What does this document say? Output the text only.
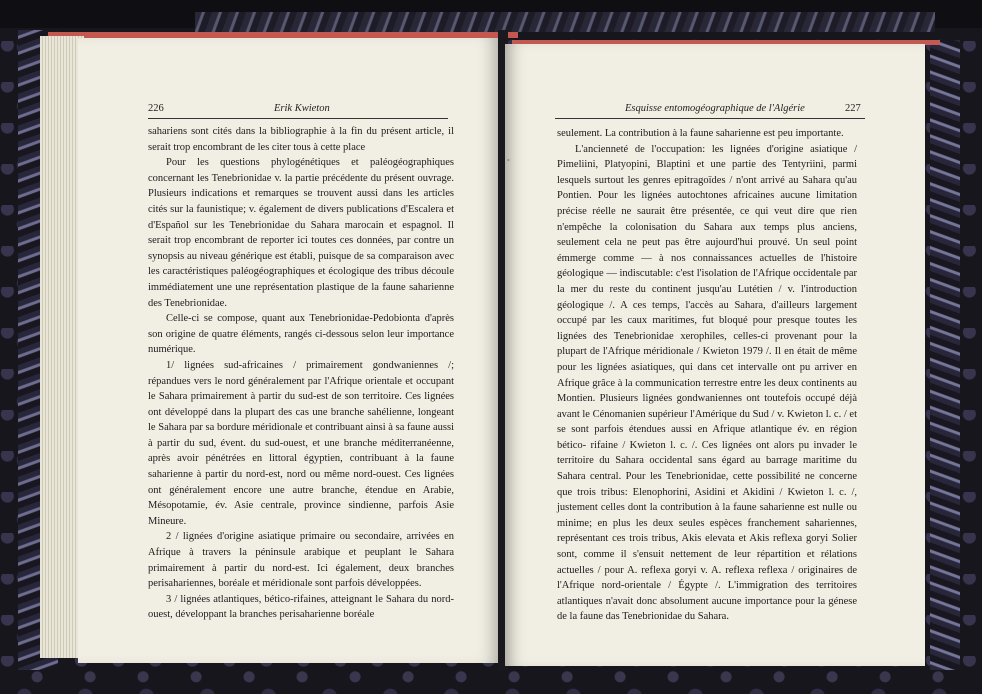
226	Erik Kwieton

sahariens sont cités dans la bibliographie à la fin du présent article, il serait trop encombrant de les citer tous à cette place

Pour les questions phylogénétiques et paléogéographiques concernant les Tenebrionidae v. la partie précédente du présent ouvrage. Plusieurs indications et remarques se trouvent aussi dans les articles cités sur la faunistique; v. également de divers publications d'Escalera et d'Español sur les Tenebrionidae du Sahara marocain et espagnol. Il serait trop encombrant de reporter ici toutes ces données, par contre un synopsis au niveau générique est établi, puisque de sa comparaison avec les caractéristiques paléogéographiques et écologique des tribus découle immédiatement une une représentation plastique de la faune saharienne des Tenebrionidae.

Celle-ci se compose, quant aux Tenebrionidae-Pedobionta d'après son origine de quatre éléments, rangés ci-dessous selon leur importance numérique.

1/ lignées sud-africaines / primairement gondwaniennes /; répandues vers le nord généralement par l'Afrique orientale et occupant le Sahara primairement à partir du sud-est de son territoire. Ces lignées ont développé dans la plupart des cas une branche sahélienne, longeant le Sahara par sa bordure méridionale et contribuant ainsi à sa faune aussi à partir du sud, évent. du sud-ouest, et une branche méditerranéenne, après avoir pénétrées en littoral égyptien, contribuant à la faune saharienne à partir du nord-est, nord ou même nord-ouest. Ces lignées ont généralement encore une autre branche, étendue en Arabie, Mésopotamie, év. Asie centrale, province sindienne, parfois Asie Mineure.

2 / lignées d'origine asiatique primaire ou secondaire, arrivées en Afrique à travers la péninsule arabique et peuplant le Sahara primairement à partir du nord-est. Ici également, deux branches perisahariennes, boréale et méridionale sont parfois développées.

3 / lignées atlantiques, bético-rifaines, atteignant le Sahara du nord-ouest, développant la branches perisaharienne boréale

Esquisse entomogéographique de l'Algérie	227
•

seulement. La contribution à la faune saharienne est peu importante.

L'ancienneté de l'occupation: les lignées d'origine asiatique / Pimeliini, Platyopini, Blaptini et une partie des Tentyriini, parmi lesquels surtout les genres epitragoïdes / n'ont arrivé au Sahara qu'au Pontien. Pour les lignées autochtones africaines aucune limitation précise réelle ne saurait être présentée, ce qui veut dire que rien n'empêche la colonisation du Sahara aux temps plus anciens, seulement cela ne peut pas être aujourd'hui prouvé. Un seul point émmerge comme — à nos connaissances actuelles de l'histoire géologique — indiscutable: c'est l'isolation de l'Afrique occidentale par la mer du reste du continent jusqu'au Lutétien / v. l'introduction géologique /. A ces temps, l'accès au Sahara, d'ailleurs largement occupé par les caux maritimes, fut bloqué pour presque toutes les lignées des Tenebrionidae xerophiles, celles-ci provenant pour la plupart de l'Afrique méridionale / Kwieton 1979 /. Il en était de même pour les lignées asiatiques, qui dans cet intervalle ont pu arriver en Afrique grâce à la communication terrestre entre les deux continents au Montien. Plusieurs lignées gondwaniennes ont toutefois occupé déjà avant le Cénomanien supérieur l'Amérique du Sud / v. Kwieton l. c. / et se sont parfois étendues aussi en Afrique atlantique év. en région bético- rifaine / Kwieton l. c. /. Ces lignées ont alors pu invader le territoire du Sahara occidental sans égard au barrage maritime du Sahara central. Pour les Tenebrionidae, cette possibilité ne concerne que trois tribus: Elenophorini, Asidini et Akidini / Kwieton l. c. /, justement celles dont la contribution à la faune saharienne est nulle ou minime; en plus les deux seules espèces franchement sahariennes, représentant ces trois tribus, Akis elevata et Akis reflexa goryi Solier sont, comme il s'ensuit nettement de leur répartition et rélations actuelles / pour A. reflexa goryi v. A. reflexa reflexa / originaires de l'Afrique nord-orientale / Égypte /. L'immigration des territoires atlantiques n'avait donc absolument aucune importance pour la génese de la faune das Tenebrionidae du Sahara.
